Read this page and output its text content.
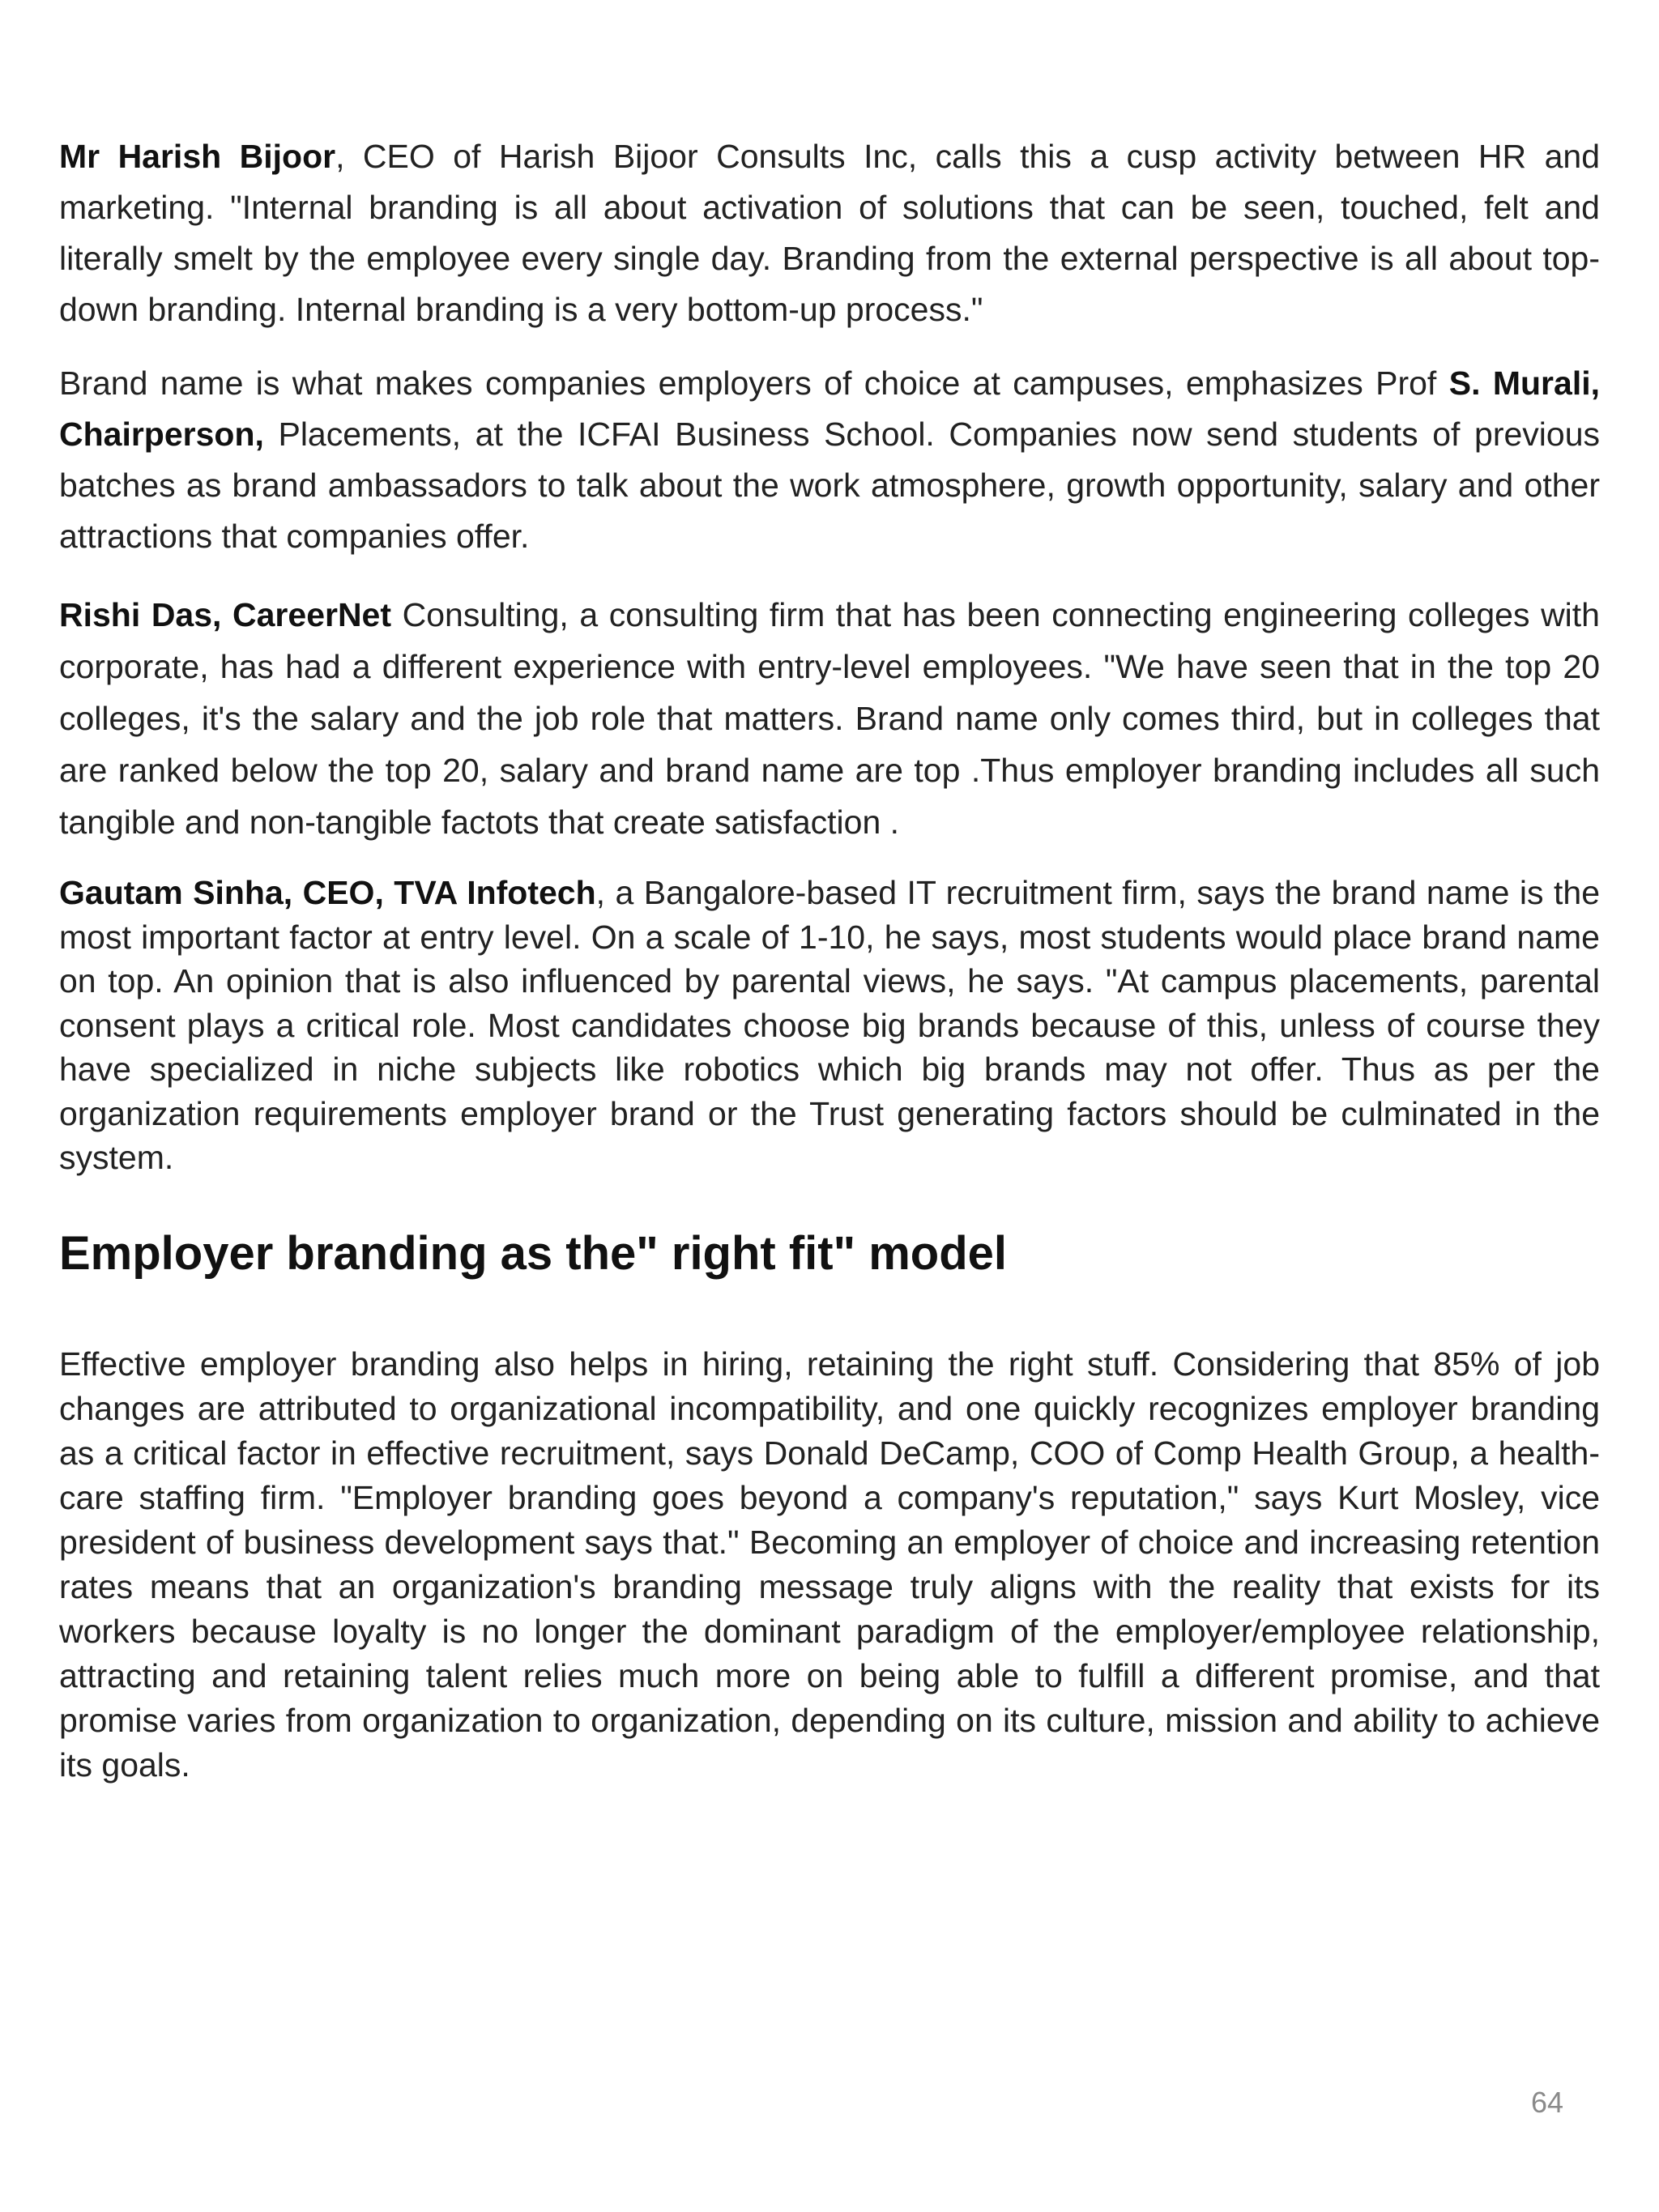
Mr Harish Bijoor, CEO of Harish Bijoor Consults Inc, calls this a cusp activity between HR and marketing. "Internal branding is all about activation of solutions that can be seen, touched, felt and literally smelt by the employee every single day. Branding from the external perspective is all about top-down branding. Internal branding is a very bottom-up process."

Brand name is what makes companies employers of choice at campuses, emphasizes Prof S. Murali, Chairperson, Placements, at the ICFAI Business School. Companies now send students of previous batches as brand ambassadors to talk about the work atmosphere, growth opportunity, salary and other attractions that companies offer.

Rishi Das, CareerNet Consulting, a consulting firm that has been connecting engineering colleges with corporate, has had a different experience with entry-level employees. "We have seen that in the top 20 colleges, it's the salary and the job role that matters. Brand name only comes third, but in colleges that are ranked below the top 20, salary and brand name are top .Thus employer branding includes all such tangible and non-tangible factots that create satisfaction .

Gautam Sinha, CEO, TVA Infotech, a Bangalore-based IT recruitment firm, says the brand name is the most important factor at entry level. On a scale of 1-10, he says, most students would place brand name on top. An opinion that is also influenced by parental views, he says. "At campus placements, parental consent plays a critical role. Most candidates choose big brands because of this, unless of course they have specialized in niche subjects like robotics which big brands may not offer. Thus as per the organization requirements employer brand or the Trust generating factors should be culminated in the system.

Employer branding as the" right fit" model

Effective employer branding also helps in hiring, retaining the right stuff. Considering that 85% of job changes are attributed to organizational incompatibility, and one quickly recognizes employer branding as a critical factor in effective recruitment, says Donald DeCamp, COO of Comp Health Group, a health-care staffing firm. "Employer branding goes beyond a company's reputation," says Kurt Mosley, vice president of business development says that." Becoming an employer of choice and increasing retention rates means that an organization's branding message truly aligns with the reality that exists for its workers because loyalty is no longer the dominant paradigm of the employer/employee relationship, attracting and retaining talent relies much more on being able to fulfill a different promise, and that promise varies from organization to organization, depending on its culture, mission and ability to achieve its goals.

64
